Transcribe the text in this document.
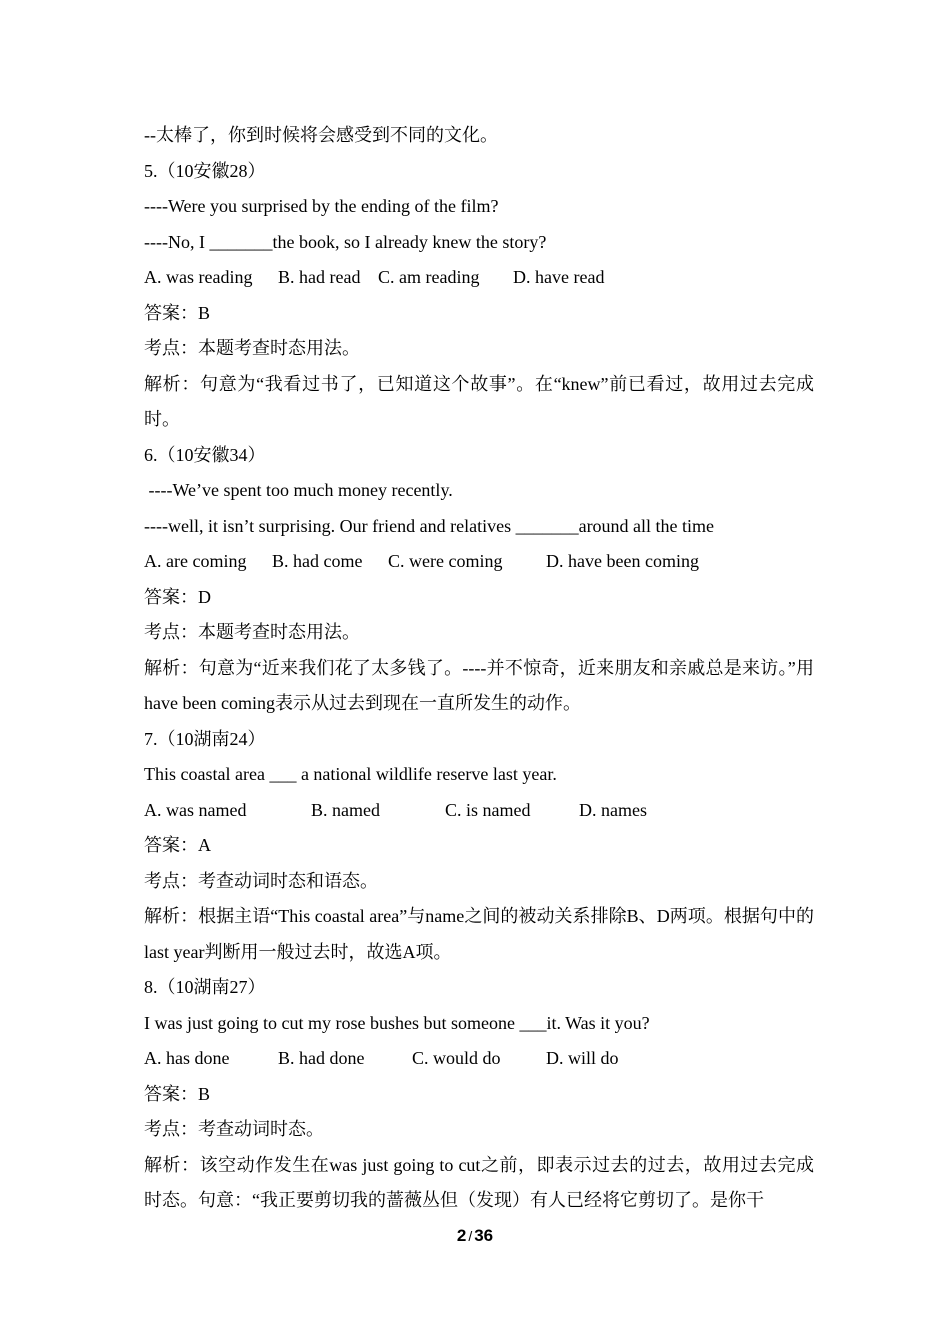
--太棒了，你到时候将会感受到不同的文化。
5.（10安徽28）
----Were you surprised by the ending of the film?
----No, I _______the book, so I already knew the story?
A. was reading	B. had read C. am reading	D. have read
答案：B
考点：本题考查时态用法。
解析：句意为“我看过书了，已知道这个故事”。在“knew”前已看过，故用过去完成时。
6.（10安徽34）
----We’ve spent too much money recently.
----well, it isn’t surprising. Our friend and relatives _______around all the time
A. are coming	B. had come	C. were coming	D. have been coming
答案：D
考点：本题考查时态用法。
解析：句意为“近来我们花了太多钱了。----并不惊奇，近来朋友和亲戚总是来访。”用have been coming表示从过去到现在一直所发生的动作。
7.（10湖南24）
This coastal area ___ a national wildlife reserve last year.
A. was named	B. named	C. is named	D. names
答案：A
考点：考查动词时态和语态。
解析：根据主语“This coastal area”与name之间的被动关系排除B、D两项。根据句中的last year判断用一般过去时，故选A项。
8.（10湖南27）
I was just going to cut my rose bushes but someone ___it. Was it you?
A. has done	B. had done	C. would do	D. will do
答案：B
考点：考查动词时态。
解析：该空动作发生在was just going to cut之前，即表示过去的过去，故用过去完成时态。句意：“我正要剪切我的蔷薇丛但（发现）有人已经将它剪切了。是你干
2 / 36
